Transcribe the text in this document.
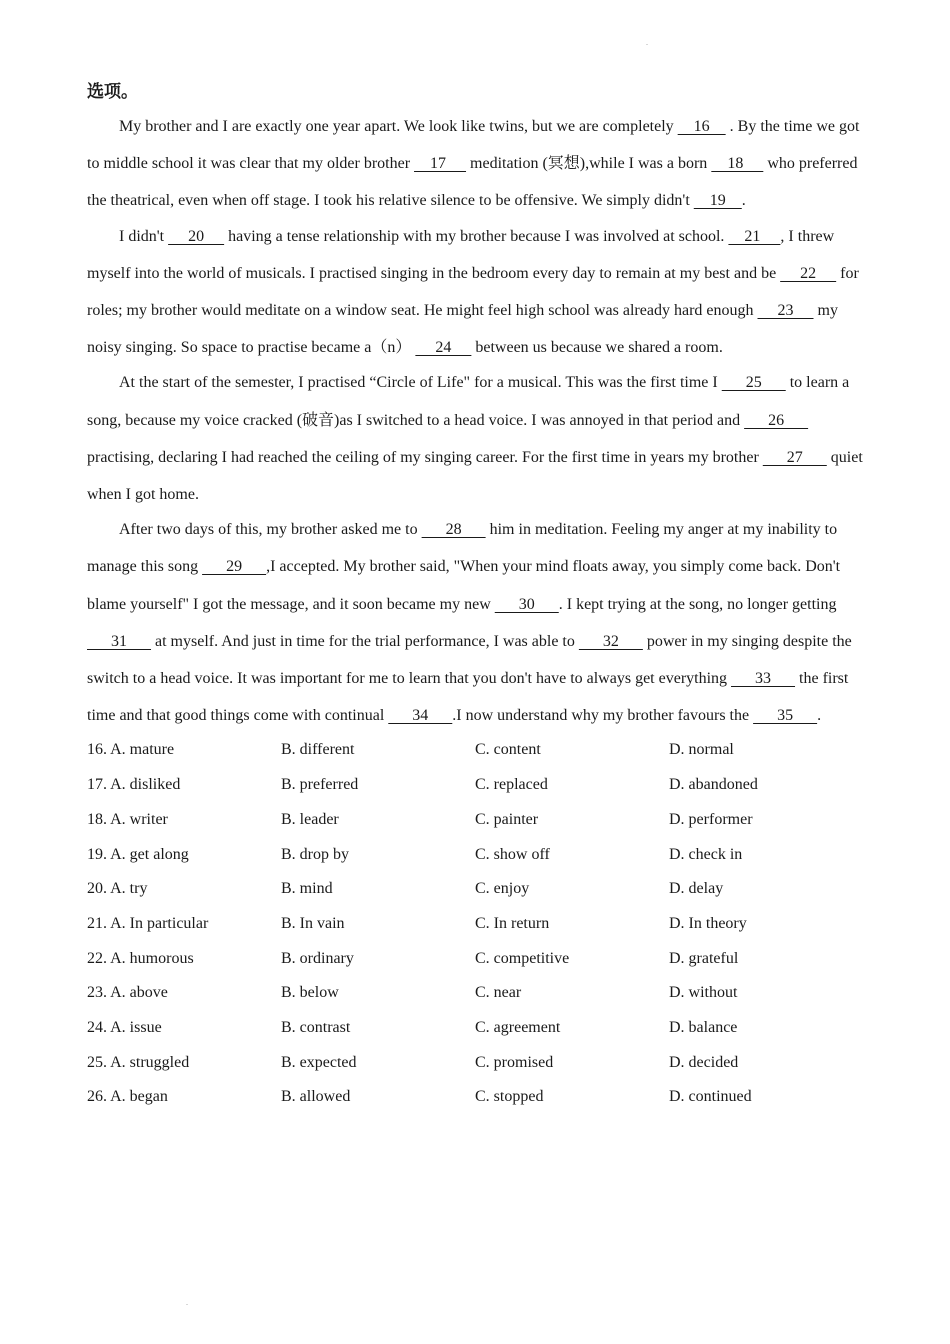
.
.
选项。

My brother and I are exactly one year apart. We look like twins, but we are completely     16     . By the time we got to middle school it was clear that my older brother     17      meditation (冥想),while I was a born     18      who preferred the theatrical, even when off stage. I took his relative silence to be offensive. We simply didn't     19    .

I didn't      20      having a tense relationship with my brother because I was involved at school.     21     , I threw myself into the world of musicals. I practised singing in the bedroom every day to remain at my best and be      22      for roles; my brother would meditate on a window seat. He might feel high school was already hard enough      23      my noisy singing. So space to practise became a（n）      24      between us because we shared a room.

At the start of the semester, I practised “Circle of Life" for a musical. This was the first time I       25       to learn a song, because my voice cracked (破音)as I switched to a head voice. I was annoyed in that period and       26       practising, declaring I had reached the ceiling of my singing career. For the first time in years my brother       27       quiet when I got home.

After two days of this, my brother asked me to       28       him in meditation. Feeling my anger at my inability to manage this song       29      ,I accepted. My brother said, "When your mind floats away, you simply come back. Don't blame yourself" I got the message, and it soon became my new       30      . I kept trying at the song, no longer getting       31       at myself. And just in time for the trial performance, I was able to       32       power in my singing despite the switch to a head voice. It was important for me to learn that you don't have to always get everything       33       the first time and that good things come with continual       34      .I now understand why my brother favours the       35      .

16. A. mature	B. different	C. content	D. normal
17. A. disliked	B. preferred	C. replaced	D. abandoned
18. A. writer	B. leader	C. painter	D. performer
19. A. get along	B. drop by	C. show off	D. check in
20. A. try	B. mind	C. enjoy	D. delay
21. A. In particular	B. In vain	C. In return	D. In theory
22. A. humorous	B. ordinary	C. competitive	D. grateful
23. A. above	B. below	C. near	D. without
24. A. issue	B. contrast	C. agreement	D. balance
25. A. struggled	B. expected	C. promised	D. decided
26. A. began	B. allowed	C. stopped	D. continued
